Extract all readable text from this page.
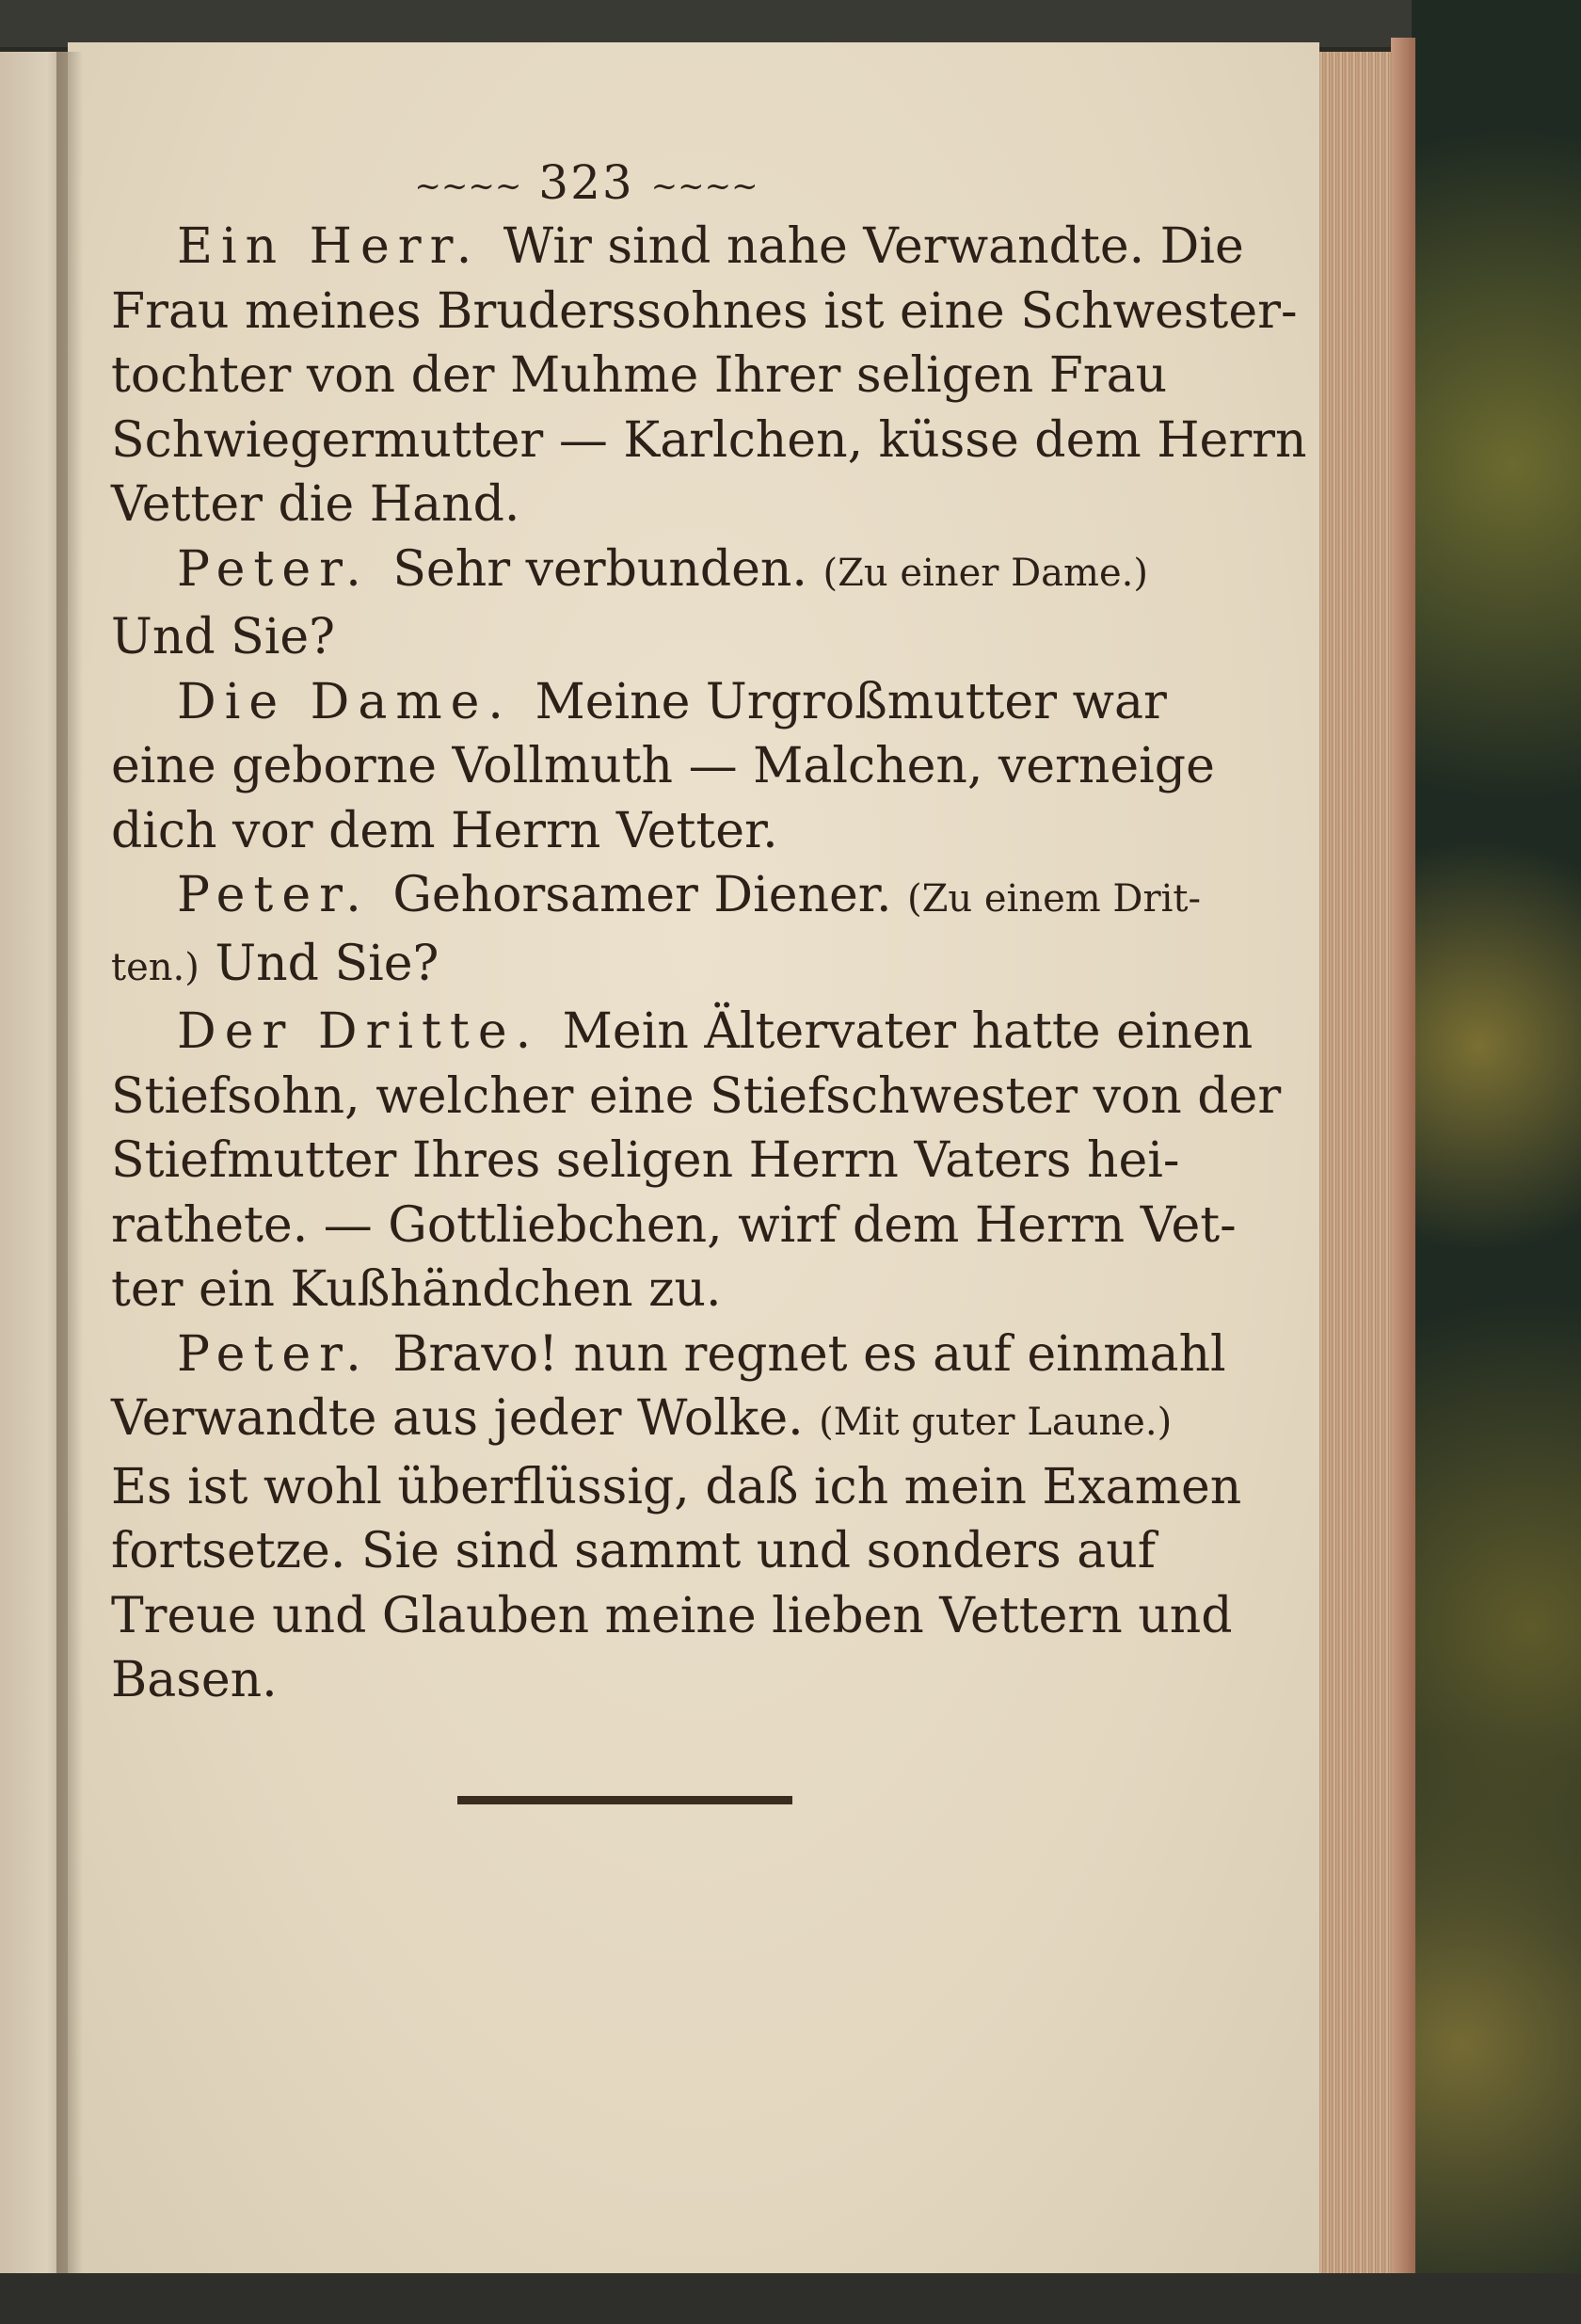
~~~~ 323 ~~~~
Ein Herr. Wir sind nahe Verwandte. Die
Frau meines Bruderssohnes ist eine Schwester-
tochter von der Muhme Ihrer seligen Frau
Schwiegermutter — Karlchen, küsse dem Herrn
Vetter die Hand.
Peter. Sehr verbunden. (Zu einer Dame.)
Und Sie?
Die Dame. Meine Urgroßmutter war
eine geborne Vollmuth — Malchen, verneige
dich vor dem Herrn Vetter.
Peter. Gehorsamer Diener. (Zu einem Drit-
ten.) Und Sie?
Der Dritte. Mein Ältervater hatte einen
Stiefsohn, welcher eine Stiefschwester von der
Stiefmutter Ihres seligen Herrn Vaters hei-
rathete. — Gottliebchen, wirf dem Herrn Vet-
ter ein Kußhändchen zu.
Peter. Bravo! nun regnet es auf einmahl
Verwandte aus jeder Wolke. (Mit guter Laune.)
Es ist wohl überflüssig, daß ich mein Examen
fortsetze. Sie sind sammt und sonders auf
Treue und Glauben meine lieben Vettern und
Basen.
